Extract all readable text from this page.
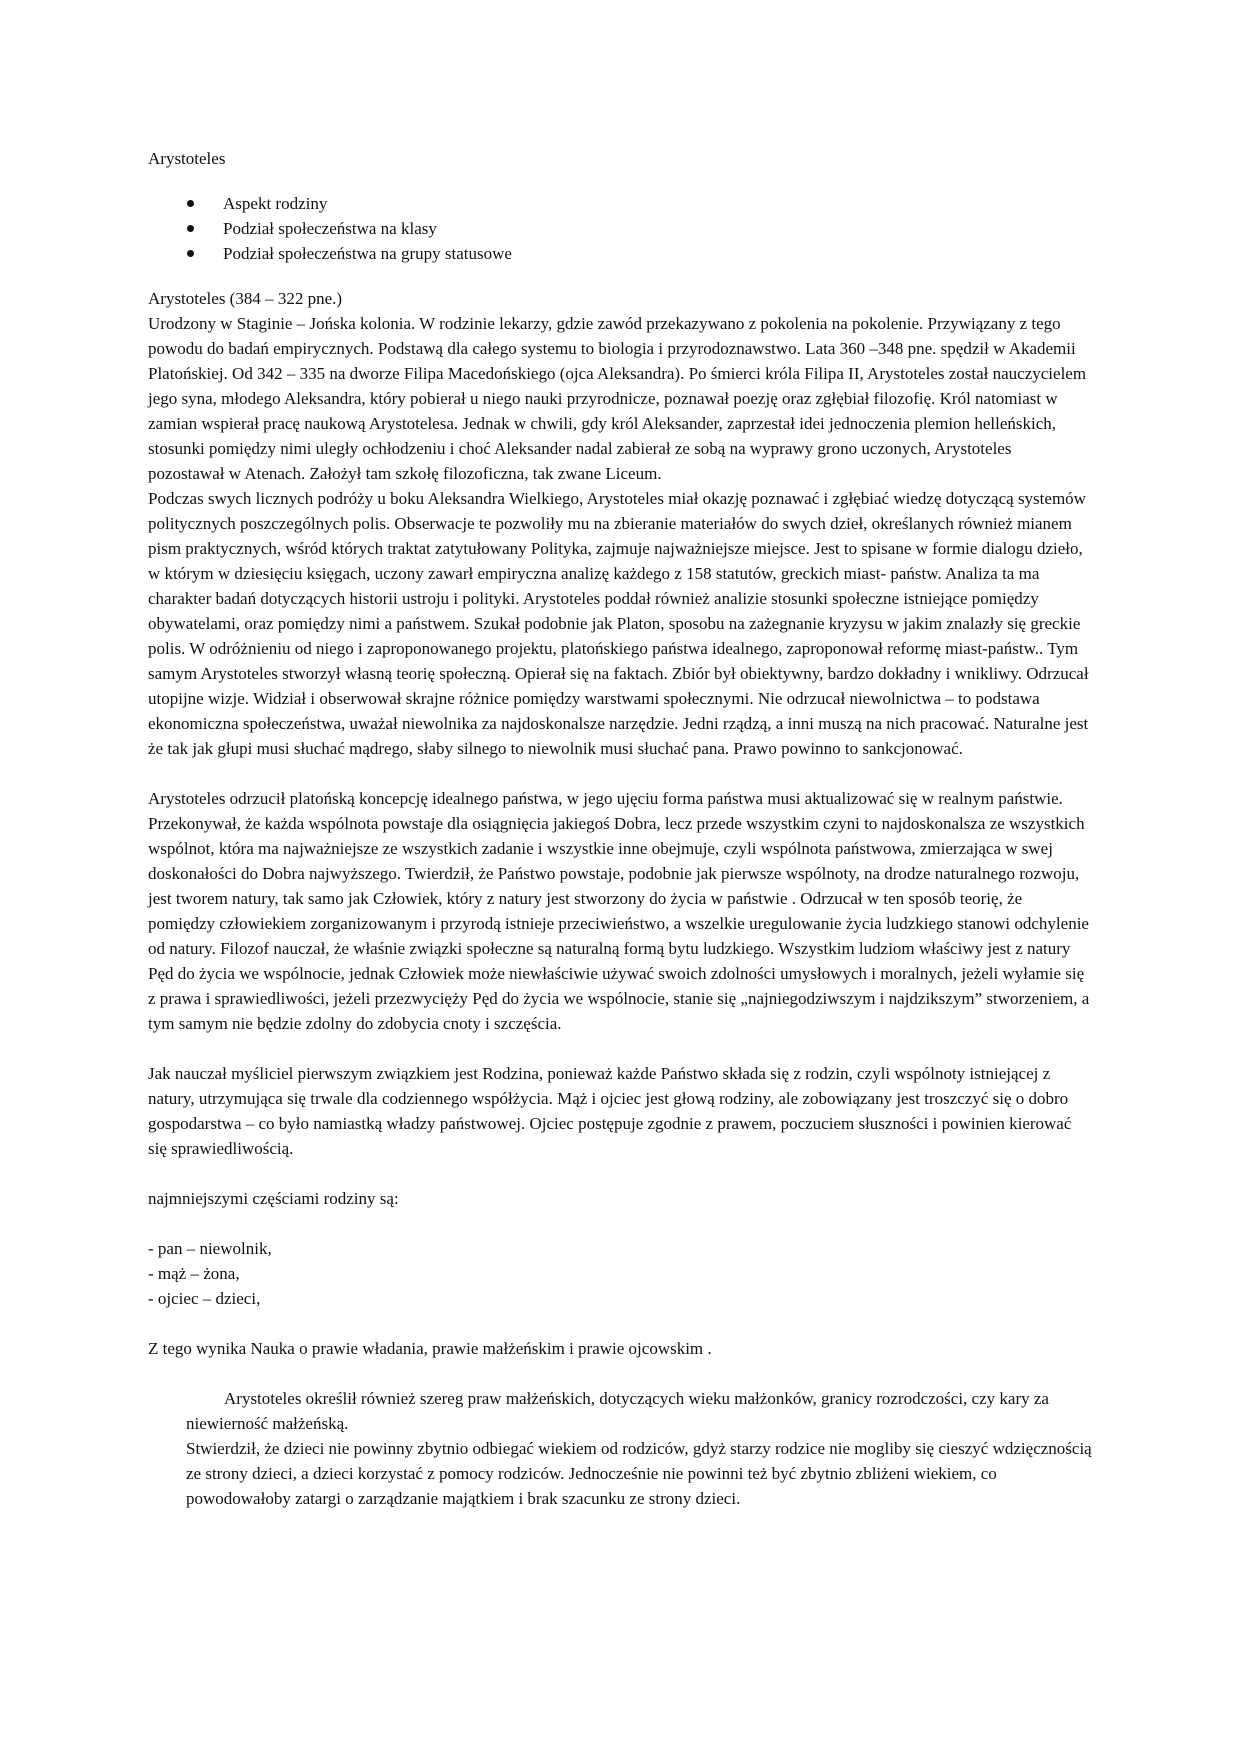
Arystoteles

Aspekt rodziny
Podział społeczeństwa na klasy
Podział społeczeństwa na grupy statusowe

Arystoteles (384 – 322 pne.)

Urodzony w Staginie – Jońska kolonia. W rodzinie lekarzy, gdzie zawód przekazywano z pokolenia na pokolenie. Przywiązany z tego powodu do badań empirycznych. Podstawą dla całego systemu to biologia i przyrodoznawstwo. Lata 360 –348 pne. spędził w Akademii Platońskiej. Od 342 – 335 na dworze Filipa Macedońskiego (ojca Aleksandra). Po śmierci króla Filipa II, Arystoteles został nauczycielem jego syna, młodego Aleksandra, który pobierał u niego nauki przyrodnicze, poznawał poezję oraz zgłębiał filozofię. Król natomiast w zamian wspierał pracę naukową Arystotelesa. Jednak w chwili, gdy król Aleksander, zaprzestał idei jednoczenia plemion helleńskich, stosunki pomiędzy nimi uległy ochłodzeniu i choć Aleksander nadal zabierał ze sobą na wyprawy grono uczonych, Arystoteles pozostawał w Atenach. Założył tam szkołę filozoficzna, tak zwane Liceum.

Podczas swych licznych podróży u boku Aleksandra Wielkiego, Arystoteles miał okazję poznawać i zgłębiać wiedzę dotyczącą systemów politycznych poszczególnych polis. Obserwacje te pozwoliły mu na zbieranie materiałów do swych dzieł, określanych również mianem pism praktycznych, wśród których traktat zatytułowany Polityka, zajmuje najważniejsze miejsce. Jest to spisane w formie dialogu dzieło, w którym w dziesięciu księgach, uczony zawarł empiryczna analizę każdego z 158 statutów, greckich miast- państw. Analiza ta ma charakter badań dotyczących historii ustroju i polityki. Arystoteles poddał również analizie stosunki społeczne istniejące pomiędzy obywatelami, oraz pomiędzy nimi a państwem. Szukał podobnie jak Platon, sposobu na zażegnanie kryzysu w jakim znalazły się greckie polis. W odróżnieniu od niego i zaproponowanego projektu, platońskiego państwa idealnego, zaproponował reformę miast-państw.. Tym samym Arystoteles stworzył własną teorię społeczną. Opierał się na faktach. Zbiór był obiektywny, bardzo dokładny i wnikliwy. Odrzucał utopijne wizje. Widział i obserwował skrajne różnice pomiędzy warstwami społecznymi. Nie odrzucał niewolnictwa – to podstawa ekonomiczna społeczeństwa, uważał niewolnika za najdoskonalsze narzędzie. Jedni rządzą, a inni muszą na nich pracować. Naturalne jest że tak jak głupi musi słuchać mądrego, słaby silnego to niewolnik musi słuchać pana. Prawo powinno to sankcjonować.

Arystoteles odrzucił platońską koncepcję idealnego państwa, w jego ujęciu forma państwa musi aktualizować się w realnym państwie. Przekonywał, że każda wspólnota powstaje dla osiągnięcia jakiegoś Dobra, lecz przede wszystkim czyni to najdoskonalsza ze wszystkich wspólnot, która ma najważniejsze ze wszystkich zadanie i wszystkie inne obejmuje, czyli wspólnota państwowa, zmierzająca w swej doskonałości do Dobra najwyższego. Twierdził, że Państwo powstaje, podobnie jak pierwsze wspólnoty, na drodze naturalnego rozwoju, jest tworem natury, tak samo jak Człowiek, który z natury jest stworzony do życia w państwie . Odrzucał w ten sposób teorię, że pomiędzy człowiekiem zorganizowanym i przyrodą istnieje przeciwieństwo, a wszelkie uregulowanie życia ludzkiego stanowi odchylenie od natury. Filozof nauczał, że właśnie związki społeczne są naturalną formą bytu ludzkiego. Wszystkim ludziom właściwy jest z natury Pęd do życia we wspólnocie, jednak Człowiek może niewłaściwie używać swoich zdolności umysłowych i moralnych, jeżeli wyłamie się z prawa i sprawiedliwości, jeżeli przezwycięży Pęd do życia we wspólnocie, stanie się „najniegodziwszym i najdzikszym” stworzeniem, a tym samym nie będzie zdolny do zdobycia cnoty i szczęścia.

Jak nauczał myśliciel pierwszym związkiem jest Rodzina, ponieważ każde Państwo składa się z rodzin, czyli wspólnoty istniejącej z natury, utrzymująca się trwale dla codziennego współżycia. Mąż i ojciec jest głową rodziny, ale zobowiązany jest troszczyć się o dobro gospodarstwa – co było namiastką władzy państwowej. Ojciec postępuje zgodnie z prawem, poczuciem słuszności i powinien kierować się sprawiedliwością.

najmniejszymi częściami rodziny są:

- pan – niewolnik,
- mąż – żona,
- ojciec – dzieci,

Z tego wynika Nauka o prawie władania, prawie małżeńskim i prawie ojcowskim .

Arystoteles określił również szereg praw małżeńskich, dotyczących wieku małżonków, granicy rozrodczości, czy kary za niewierność małżeńską.

Stwierdził, że dzieci nie powinny zbytnio odbiegać wiekiem od rodziców, gdyż starzy rodzice nie mogliby się cieszyć wdzięcznością ze strony dzieci, a dzieci korzystać z pomocy rodziców. Jednocześnie nie powinni też być zbytnio zbliżeni wiekiem, co powodowałoby zatargi o zarządzanie majątkiem i brak szacunku ze strony dzieci.
